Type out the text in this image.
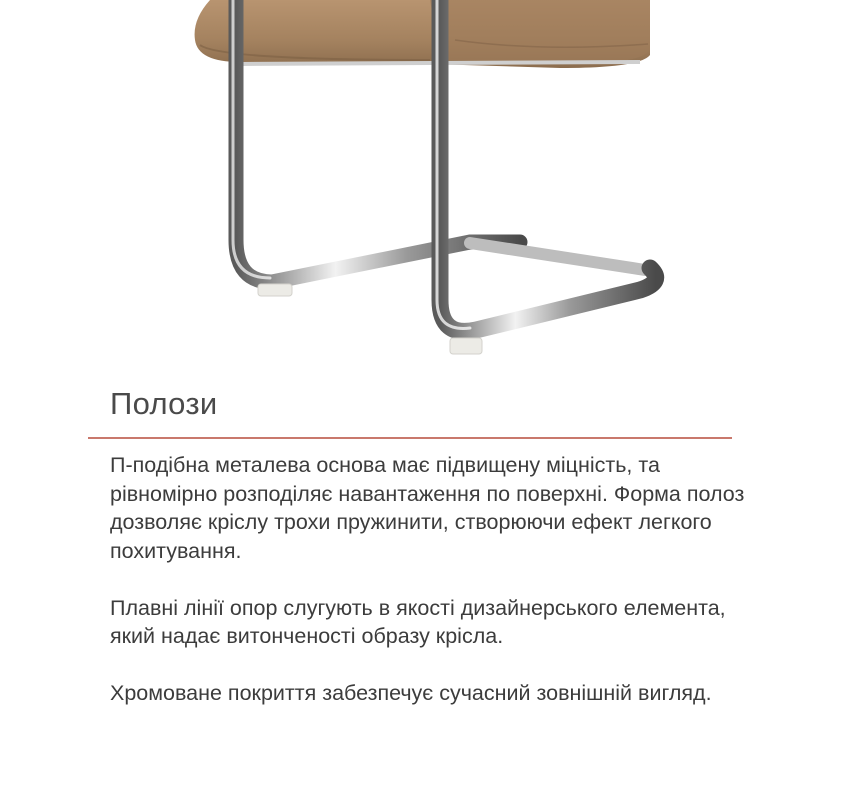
Полози

П-подібна металева основа має підвищену міцність, та рівномірно розподіляє навантаження по поверхні. Форма полоз дозволяє кріслу трохи пружинити, створюючи ефект легкого похитування.

Плавні лінії опор слугують в якості дизайнерського елемента, який надає витонченості образу крісла.

Хромоване покриття забезпечує сучасний зовнішній вигляд.
